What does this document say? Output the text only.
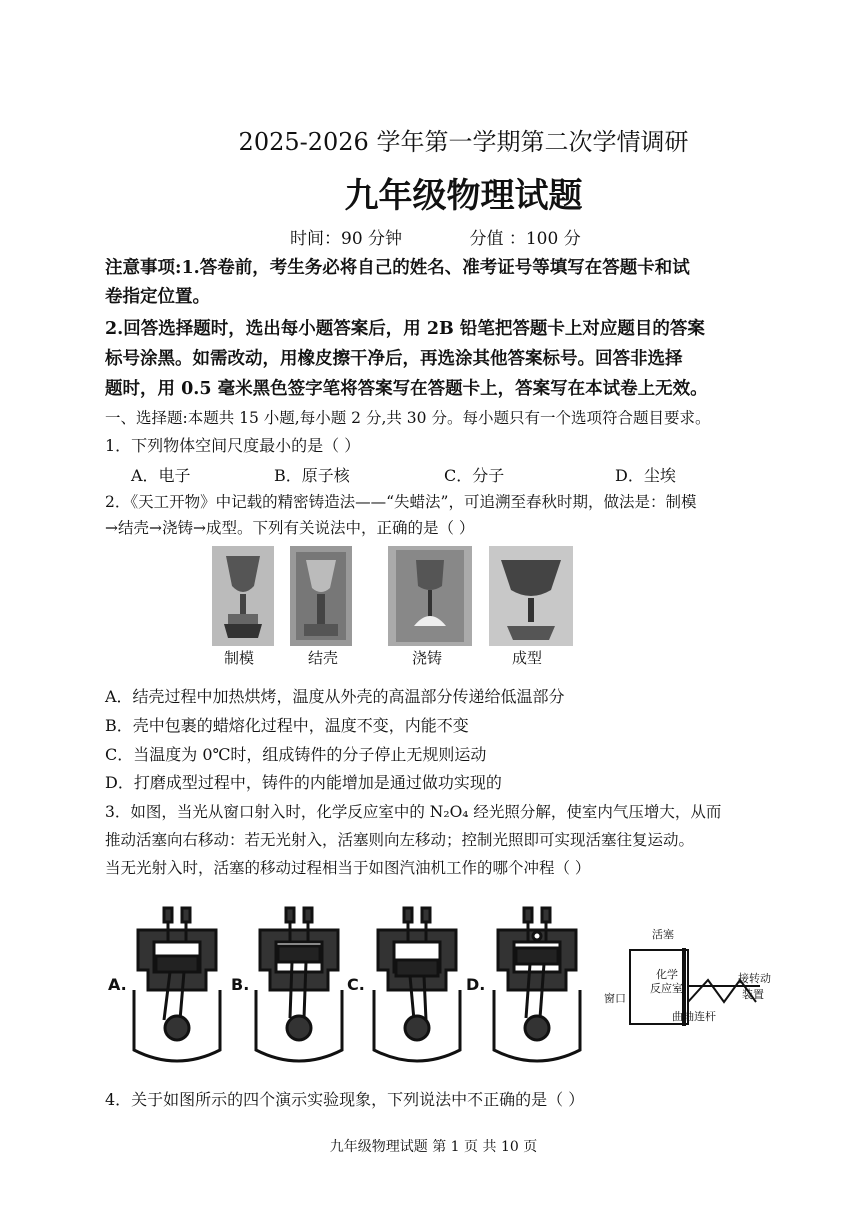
2025-2026 学年第一学期第二次学情调研
九年级物理试题
时间：90 分钟	分值 ：100 分
注意事项:1.答卷前，考生务必将自己的姓名、准考证号等填写在答题卡和试
卷指定位置。
2.回答选择题时，选出每小题答案后，用 2B 铅笔把答题卡上对应题目的答案
标号涂黑。如需改动，用橡皮擦干净后，再选涂其他答案标号。回答非选择
题时，用 0.5 毫米黑色签字笔将答案写在答题卡上，答案写在本试卷上无效。
一、选择题:本题共 15 小题,每小题 2 分,共 30 分。每小题只有一个选项符合题目要求。
1．下列物体空间尺度最小的是（ ）
A．电子	B．原子核	C．分子	D．尘埃
2．《天工开物》中记载的精密铸造法——“失蜡法”，可追溯至春秋时期，做法是：制模
→结壳→浇铸→成型。下列有关说法中，正确的是（ ）
制模	结壳	浇铸	成型
A．结壳过程中加热烘烤，温度从外壳的高温部分传递给低温部分
B．壳中包裹的蜡熔化过程中，温度不变，内能不变
C．当温度为 0℃时，组成铸件的分子停止无规则运动
D．打磨成型过程中，铸件的内能增加是通过做功实现的
3．如图，当光从窗口射入时，化学反应室中的 N₂O₄ 经光照分解，使室内气压增大，从而
推动活塞向右移动：若无光射入，活塞则向左移动；控制光照即可实现活塞往复运动。
当无光射入时，活塞的移动过程相当于如图汽油机工作的哪个冲程（ ）
A.	B.	C.	D.
活塞
化学
反应室
窗口
曲轴连杆
接转动
装置
4．关于如图所示的四个演示实验现象，下列说法中不正确的是（ ）
九年级物理试题 第 1 页 共 10 页
